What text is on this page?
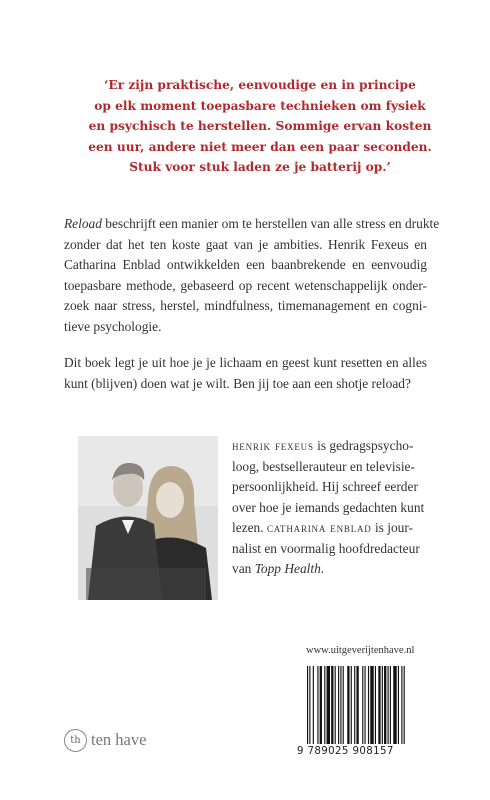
‘Er zijn praktische, eenvoudige en in principe
op elk moment toepasbare technieken om fysiek
en psychisch te herstellen. Sommige ervan kosten
een uur, andere niet meer dan een paar seconden.
Stuk voor stuk laden ze je batterij op.’
Reload beschrijft een manier om te herstellen van alle stress en drukte
zonder dat het ten koste gaat van je ambities. Henrik Fexeus en
Catharina Enblad ontwikkelden een baanbrekende en eenvoudig
toepasbare methode, gebaseerd op recent wetenschappelijk onder-
zoek naar stress, herstel, mindfulness, timemanagement en cogni-
tieve psychologie.
Dit boek legt je uit hoe je je lichaam en geest kunt resetten en alles
kunt (blijven) doen wat je wilt. Ben jij toe aan een shotje reload?
henrik fexeus is gedragspsycho-
loog, bestsellerauteur en televisie-
persoonlijkheid. Hij schreef eerder
over hoe je iemands gedachten kunt
lezen. catharina enblad is jour-
nalist en voormalig hoofdredacteur
van Topp Health.
www.uitgeverijtenhave.nl
9 789025 908157
th ten have
